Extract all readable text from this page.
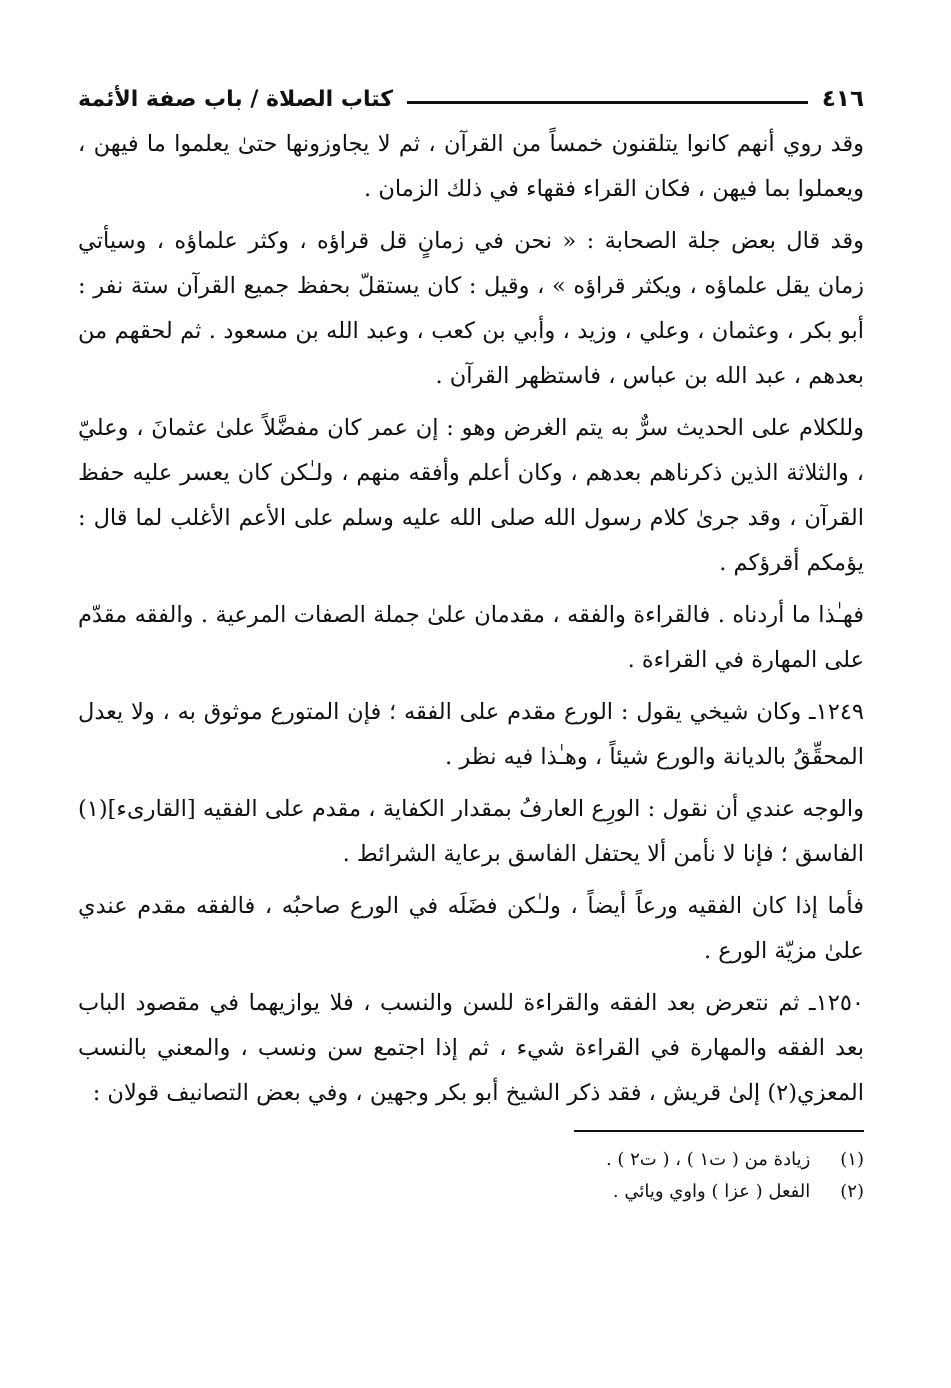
٤١٦
كتاب الصلاة / باب صفة الأئمة

وقد روي أنهم كانوا يتلقنون خمساً من القرآن ، ثم لا يجاوزونها حتىٰ يعلموا ما فيهن ، ويعملوا بما فيهن ، فكان القراء فقهاء في ذلك الزمان .

وقد قال بعض جلة الصحابة : « نحن في زمانٍ قل قراؤه ، وكثر علماؤه ، وسيأتي زمان يقل علماؤه ، ويكثر قراؤه » ، وقيل : كان يستقلّ بحفظ جميع القرآن ستة نفر : أبو بكر ، وعثمان ، وعلي ، وزيد ، وأبي بن كعب ، وعبد الله بن مسعود . ثم لحقهم من بعدهم ، عبد الله بن عباس ، فاستظهر القرآن .

وللكلام على الحديث سرٌّ به يتم الغرض وهو : إن عمر كان مفضَّلاً علىٰ عثمانَ ، وعليّ ، والثلاثة الذين ذكرناهم بعدهم ، وكان أعلم وأفقه منهم ، ولـٰكن كان يعسر عليه حفظ القرآن ، وقد جرىٰ كلام رسول الله صلى الله عليه وسلم على الأعم الأغلب لما قال : يؤمكم أقرؤكم .

فهـٰذا ما أردناه . فالقراءة والفقه ، مقدمان علىٰ جملة الصفات المرعية . والفقه مقدّم على المهارة في القراءة .

١٢٤٩ـ وكان شيخي يقول : الورع مقدم على الفقه ؛ فإن المتورع موثوق به ، ولا يعدل المحقِّقُ بالديانة والورع شيئاً ، وهـٰذا فيه نظر .

والوجه عندي أن نقول : الورِع العارفُ بمقدار الكفاية ، مقدم على الفقيه [القارىء](١) الفاسق ؛ فإنا لا نأمن ألا يحتفل الفاسق برعاية الشرائط .

فأما إذا كان الفقيه ورعاً أيضاً ، ولـٰكن فضَلَه في الورع صاحبُه ، فالفقه مقدم عندي علىٰ مزيّة الورع .

١٢٥٠ـ ثم نتعرض بعد الفقه والقراءة للسن والنسب ، فلا يوازيهما في مقصود الباب بعد الفقه والمهارة في القراءة شيء ، ثم إذا اجتمع سن ونسب ، والمعني بالنسب المعزي(٢) إلىٰ قريش ، فقد ذكر الشيخ أبو بكر وجهين ، وفي بعض التصانيف قولان :

(١) زيادة من ( ت١ ) ، ( ت٢ ) .
(٢) الفعل ( عزا ) واوي ويائي .
